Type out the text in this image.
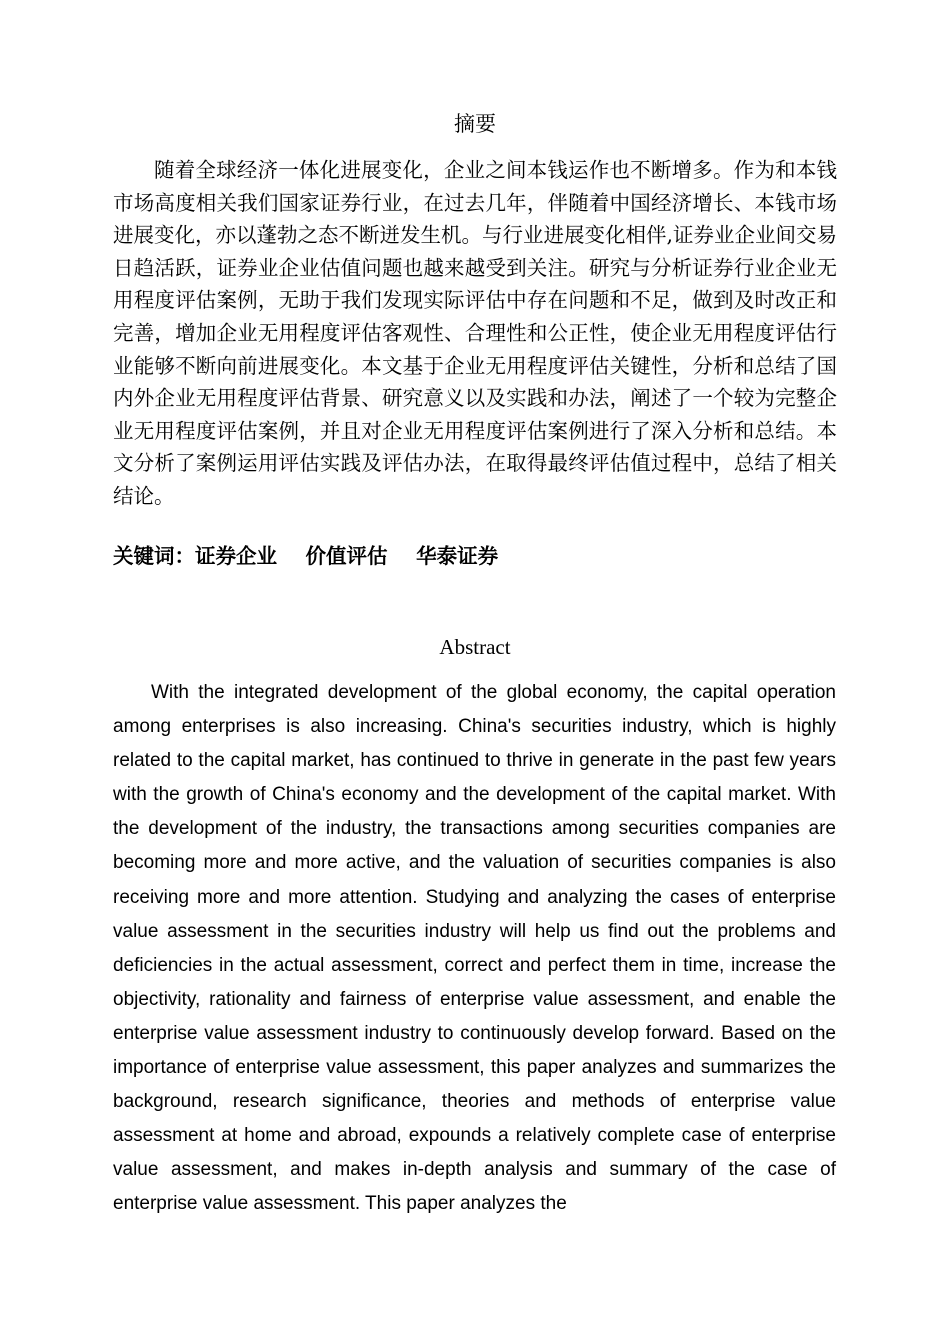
摘要

随着全球经济一体化进展变化，企业之间本钱运作也不断增多。作为和本钱市场高度相关我们国家证券行业，在过去几年，伴随着中国经济增长、本钱市场进展变化，亦以蓬勃之态不断迸发生机。与行业进展变化相伴,证券业企业间交易日趋活跃，证券业企业估值问题也越来越受到关注。研究与分析证券行业企业无用程度评估案例，无助于我们发现实际评估中存在问题和不足，做到及时改正和完善，增加企业无用程度评估客观性、合理性和公正性，使企业无用程度评估行业能够不断向前进展变化。本文基于企业无用程度评估关键性，分析和总结了国内外企业无用程度评估背景、研究意义以及实践和办法，阐述了一个较为完整企业无用程度评估案例，并且对企业无用程度评估案例进行了深入分析和总结。本文分析了案例运用评估实践及评估办法，在取得最终评估值过程中，总结了相关结论。

关键词：证券企业    价值评估    华泰证券
Abstract

With the integrated development of the global economy, the capital operation among enterprises is also increasing. China's securities industry, which is highly related to the capital market, has continued to thrive in generate in the past few years with the growth of China's economy and the development of the capital market. With the development of the industry, the transactions among securities companies are becoming more and more active, and the valuation of securities companies is also receiving more and more attention. Studying and analyzing the cases of enterprise value assessment in the securities industry will help us find out the problems and deficiencies in the actual assessment, correct and perfect them in time, increase the objectivity, rationality and fairness of enterprise value assessment, and enable the enterprise value assessment industry to continuously develop forward. Based on the importance of enterprise value assessment, this paper analyzes and summarizes the background, research significance, theories and methods of enterprise value assessment at home and abroad, expounds a relatively complete case of enterprise value assessment, and makes in-depth analysis and summary of the case of enterprise value assessment. This paper analyzes the
